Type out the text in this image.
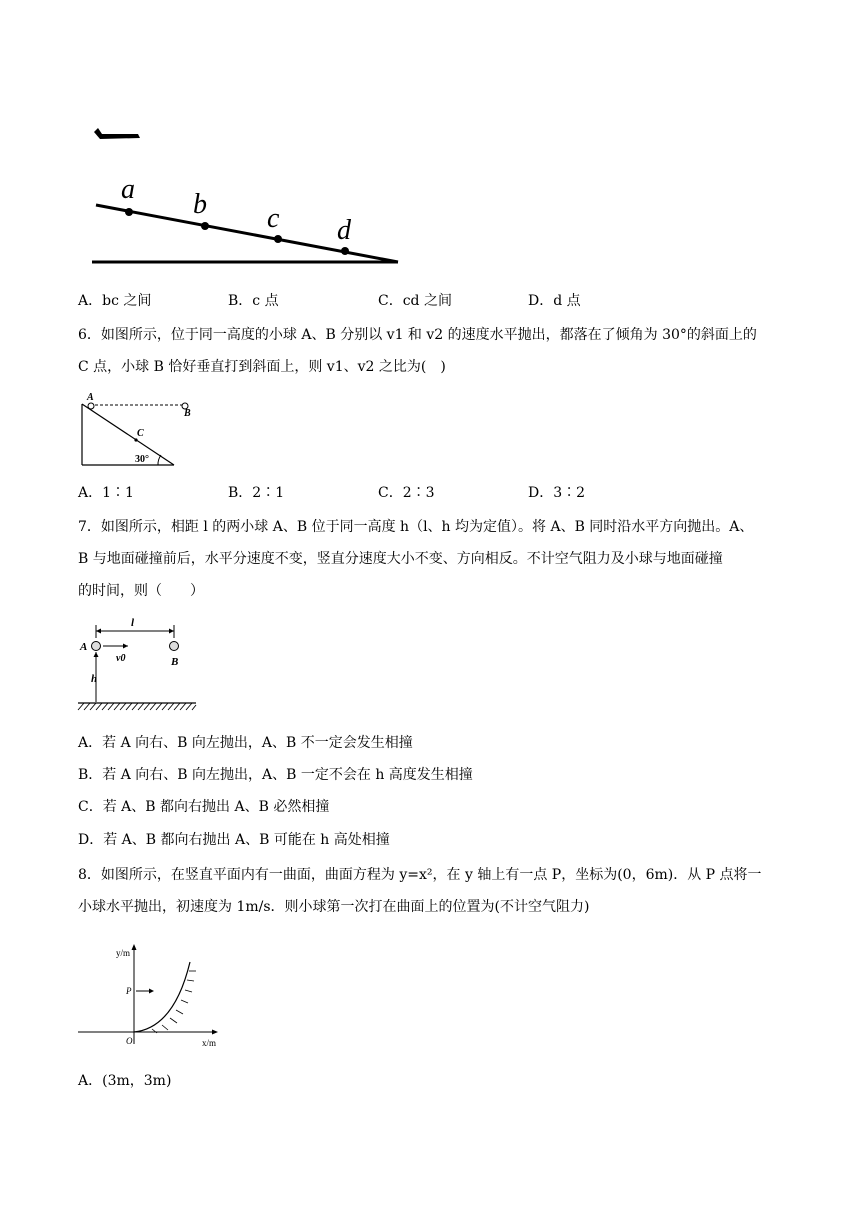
a b c d
A．bc 之间	B．c 点	C．cd 之间	D．d 点
6．如图所示，位于同一高度的小球 A、B 分别以 v1 和 v2 的速度水平抛出，都落在了倾角为 30°的斜面上的
C 点，小球 B 恰好垂直打到斜面上，则 v1、v2 之比为(　)
A
B
C
30°
A．1∶1	B．2∶1	C．2∶3	D．3∶2
7．如图所示，相距 l 的两小球 A、B 位于同一高度 h（l、h 均为定值）。将 A、B 同时沿水平方向抛出。A、
B 与地面碰撞前后，水平分速度不变，竖直分速度大小不变、方向相反。不计空气阻力及小球与地面碰撞
的时间，则（　　）
l
A
v0	B
h
A．若 A 向右、B 向左抛出，A、B 不一定会发生相撞
B．若 A 向右、B 向左抛出，A、B 一定不会在 h 高度发生相撞
C．若 A、B 都向右抛出 A、B 必然相撞
D．若 A、B 都向右抛出 A、B 可能在 h 高处相撞
8．如图所示，在竖直平面内有一曲面，曲面方程为 y=x²，在 y 轴上有一点 P，坐标为(0，6m)．从 P 点将一
小球水平抛出，初速度为 1m/s．则小球第一次打在曲面上的位置为(不计空气阻力)
y/m
P
O	x/m
A．(3m，3m)
